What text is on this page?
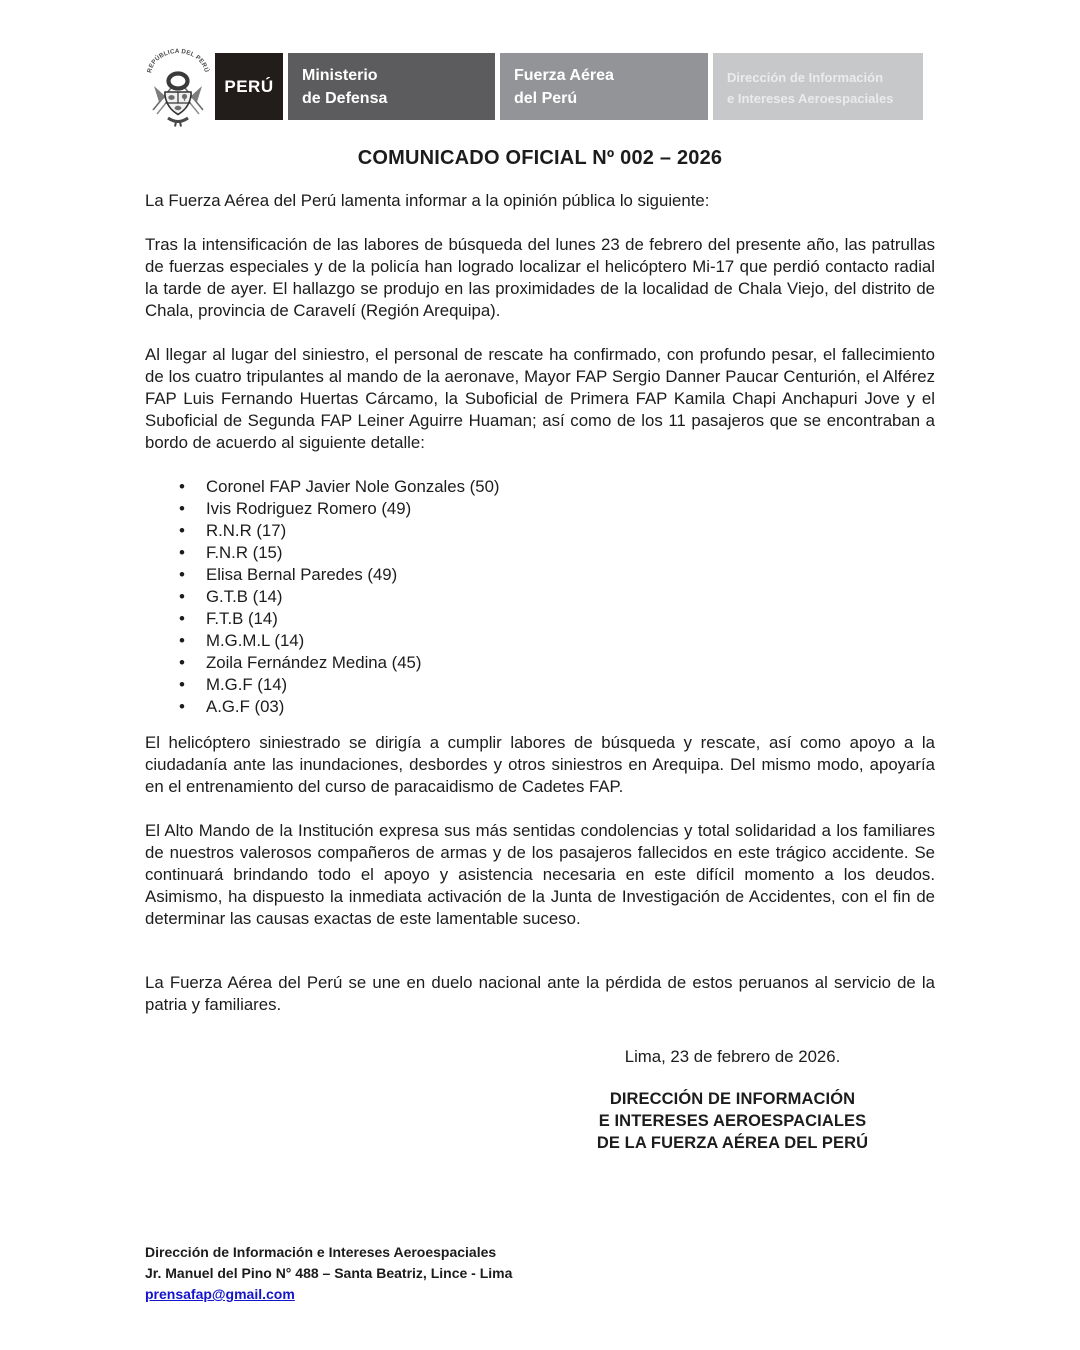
REPÚBLICA DEL PERÚ
PERÚ
Ministerio
de Defensa
Fuerza Aérea
del Perú
Dirección de Información
e Intereses Aeroespaciales
COMUNICADO OFICIAL Nº 002 – 2026

La Fuerza Aérea del Perú lamenta informar a la opinión pública lo siguiente:

Tras la intensificación de las labores de búsqueda del lunes 23 de febrero del presente año, las patrullas de fuerzas especiales y de la policía han logrado localizar el helicóptero Mi-17 que perdió contacto radial la tarde de ayer. El hallazgo se produjo en las proximidades de la localidad de Chala Viejo, del distrito de Chala, provincia de Caravelí (Región Arequipa).

Al llegar al lugar del siniestro, el personal de rescate ha confirmado, con profundo pesar, el fallecimiento de los cuatro tripulantes al mando de la aeronave, Mayor FAP Sergio Danner Paucar Centurión, el Alférez FAP Luis Fernando Huertas Cárcamo, la Suboficial de Primera FAP Kamila Chapi Anchapuri Jove y el Suboficial de Segunda FAP Leiner Aguirre Huaman; así como de los 11 pasajeros que se encontraban a bordo de acuerdo al siguiente detalle:

• Coronel FAP Javier Nole Gonzales (50)
• Ivis Rodriguez Romero (49)
• R.N.R (17)
• F.N.R (15)
• Elisa Bernal Paredes (49)
• G.T.B (14)
• F.T.B (14)
• M.G.M.L (14)
• Zoila Fernández Medina (45)
• M.G.F (14)
• A.G.F (03)

El helicóptero siniestrado se dirigía a cumplir labores de búsqueda y rescate, así como apoyo a la ciudadanía ante las inundaciones, desbordes y otros siniestros en Arequipa. Del mismo modo, apoyaría en el entrenamiento del curso de paracaidismo de Cadetes FAP.

El Alto Mando de la Institución expresa sus más sentidas condolencias y total solidaridad a los familiares de nuestros valerosos compañeros de armas y de los pasajeros fallecidos en este trágico accidente. Se continuará brindando todo el apoyo y asistencia necesaria en este difícil momento a los deudos. Asimismo, ha dispuesto la inmediata activación de la Junta de Investigación de Accidentes, con el fin de determinar las causas exactas de este lamentable suceso.

La Fuerza Aérea del Perú se une en duelo nacional ante la pérdida de estos peruanos al servicio de la patria y familiares.

Lima, 23 de febrero de 2026.
DIRECCIÓN DE INFORMACIÓN
E INTERESES AEROESPACIALES
DE LA FUERZA AÉREA DEL PERÚ
Dirección de Información e Intereses Aeroespaciales
Jr. Manuel del Pino N° 488 – Santa Beatriz, Lince - Lima
prensafap@gmail.com
